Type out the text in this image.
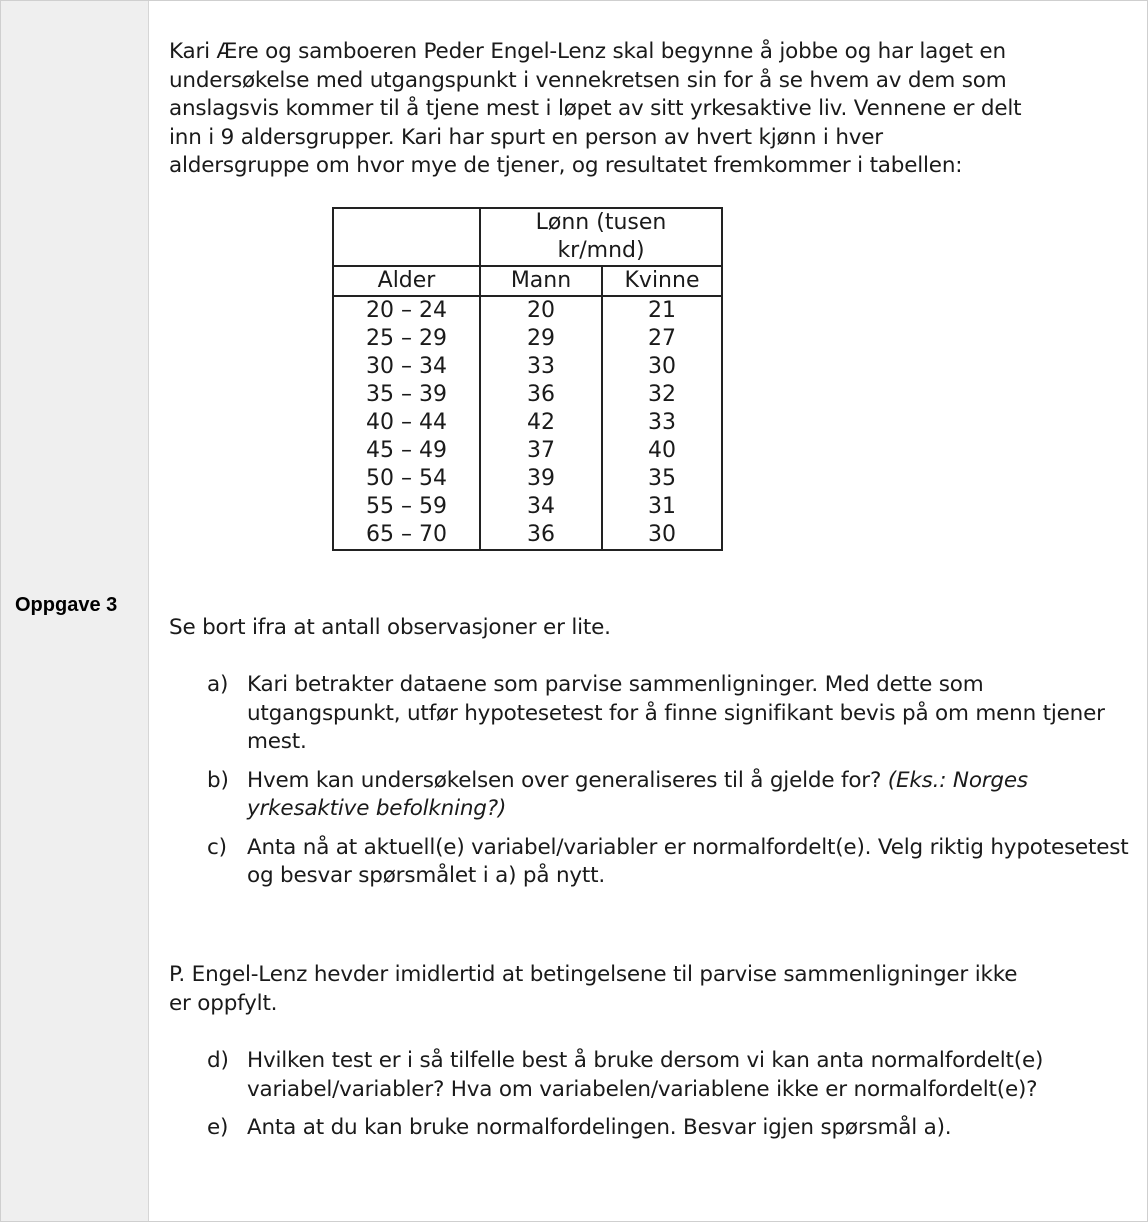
Oppgave 3

Kari Ære og samboeren Peder Engel-Lenz skal begynne å jobbe og har laget en
undersøkelse med utgangspunkt i vennekretsen sin for å se hvem av dem som
anslagsvis kommer til å tjene mest i løpet av sitt yrkesaktive liv. Vennene er delt
inn i 9 aldersgrupper. Kari har spurt en person av hvert kjønn i hver
aldersgruppe om hvor mye de tjener, og resultatet fremkommer i tabellen:

	Lønn (tusen kr/mnd)	
Alder	Mann	Kvinne
20 – 24	20	21
25 – 29	29	27
30 – 34	33	30
35 – 39	36	32
40 – 44	42	33
45 – 49	37	40
50 – 54	39	35
55 – 59	34	31
65 – 70	36	30

Se bort ifra at antall observasjoner er lite.

a) Kari betrakter dataene som parvise sammenligninger. Med dette som utgangspunkt, utfør hypotesetest for å finne signifikant bevis på om menn tjener mest.
b) Hvem kan undersøkelsen over generaliseres til å gjelde for? (Eks.: Norges yrkesaktive befolkning?)
c) Anta nå at aktuell(e) variabel/variabler er normalfordelt(e). Velg riktig hypotesetest og besvar spørsmålet i a) på nytt.

P. Engel-Lenz hevder imidlertid at betingelsene til parvise sammenligninger ikke
er oppfylt.

d) Hvilken test er i så tilfelle best å bruke dersom vi kan anta normalfordelt(e) variabel/variabler? Hva om variabelen/variablene ikke er normalfordelt(e)?
e) Anta at du kan bruke normalfordelingen. Besvar igjen spørsmål a).
